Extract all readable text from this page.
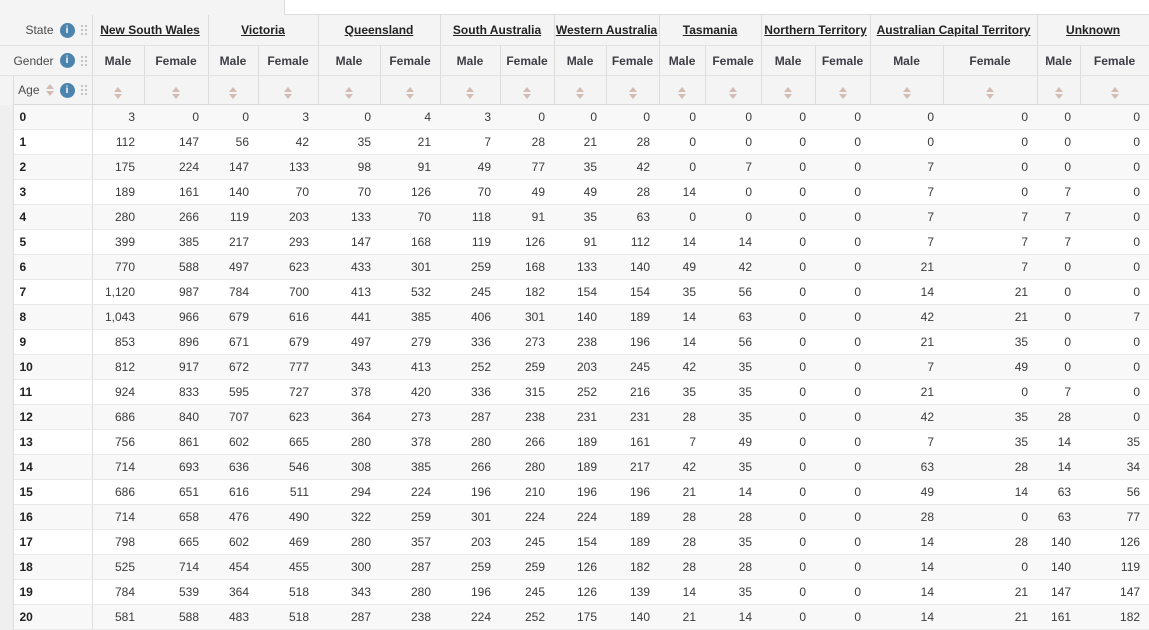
State i		New South Wales		Victoria		Queensland		South Australia		Western Australia		Tasmania		Northern Territory		Australian Capital Territory		Unknown	

Gender i		Male	Female	Male	Female	Male	Female	Male	Female	Male	Female	Male	Female	Male	Female	Male	Female	Male	Female

	Age i																		

	0	3	0	0	3	0	4	3	0	0	0	0	0	0	0	0	0	0	0
	1	112	147	56	42	35	21	7	28	21	28	0	0	0	0	0	0	0	0
	2	175	224	147	133	98	91	49	77	35	42	0	7	0	0	7	0	0	0
	3	189	161	140	70	70	126	70	49	49	28	14	0	0	0	7	0	7	0
	4	280	266	119	203	133	70	118	91	35	63	0	0	0	0	7	7	7	0
	5	399	385	217	293	147	168	119	126	91	112	14	14	0	0	7	7	7	0
	6	770	588	497	623	433	301	259	168	133	140	49	42	0	0	21	7	0	0
	7	1,120	987	784	700	413	532	245	182	154	154	35	56	0	0	14	21	0	0
	8	1,043	966	679	616	441	385	406	301	140	189	14	63	0	0	42	21	0	7
	9	853	896	671	679	497	279	336	273	238	196	14	56	0	0	21	35	0	0
	10	812	917	672	777	343	413	252	259	203	245	42	35	0	0	7	49	0	0
	11	924	833	595	727	378	420	336	315	252	216	35	35	0	0	21	0	7	0
	12	686	840	707	623	364	273	287	238	231	231	28	35	0	0	42	35	28	0
	13	756	861	602	665	280	378	280	266	189	161	7	49	0	0	7	35	14	35
	14	714	693	636	546	308	385	266	280	189	217	42	35	0	0	63	28	14	34
	15	686	651	616	511	294	224	196	210	196	196	21	14	0	0	49	14	63	56
	16	714	658	476	490	322	259	301	224	224	189	28	28	0	0	28	0	63	77
	17	798	665	602	469	280	357	203	245	154	189	28	35	0	0	14	28	140	126
	18	525	714	454	455	300	287	259	259	126	182	28	28	0	0	14	0	140	119
	19	784	539	364	518	343	280	196	245	126	139	14	35	0	0	14	21	147	147
	20	581	588	483	518	287	238	224	252	175	140	21	14	0	0	14	21	161	182
